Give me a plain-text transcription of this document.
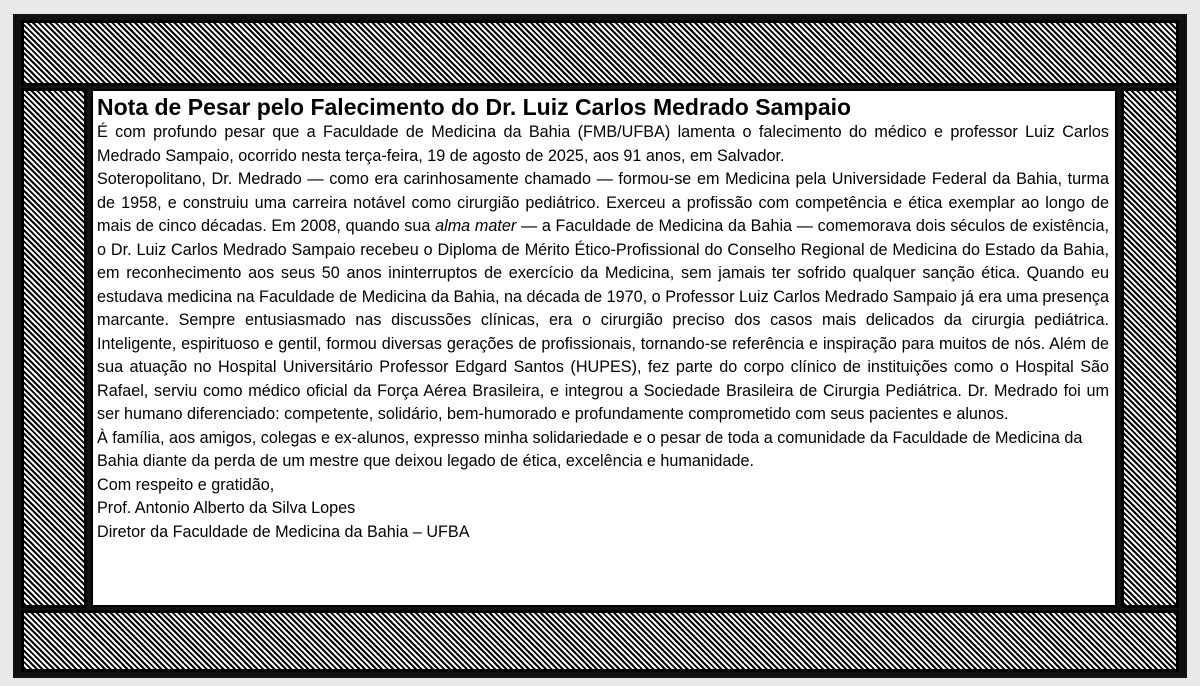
Nota de Pesar pelo Falecimento do Dr. Luiz Carlos Medrado Sampaio

É com profundo pesar que a Faculdade de Medicina da Bahia (FMB/UFBA) lamenta o falecimento do médico e professor Luiz Carlos Medrado Sampaio, ocorrido nesta terça-feira, 19 de agosto de 2025, aos 91 anos, em Salvador.

Soteropolitano, Dr. Medrado — como era carinhosamente chamado — formou-se em Medicina pela Universidade Federal da Bahia, turma de 1958, e construiu uma carreira notável como cirurgião pediátrico. Exerceu a profissão com competência e ética exemplar ao longo de mais de cinco décadas. Em 2008, quando sua alma mater — a Faculdade de Medicina da Bahia — comemorava dois séculos de existência, o Dr. Luiz Carlos Medrado Sampaio recebeu o Diploma de Mérito Ético-Profissional do Conselho Regional de Medicina do Estado da Bahia, em reconhecimento aos seus 50 anos ininterruptos de exercício da Medicina, sem jamais ter sofrido qualquer sanção ética. Quando eu estudava medicina na Faculdade de Medicina da Bahia, na década de 1970, o Professor Luiz Carlos Medrado Sampaio já era uma presença marcante. Sempre entusiasmado nas discussões clínicas, era o cirurgião preciso dos casos mais delicados da cirurgia pediátrica. Inteligente, espirituoso e gentil, formou diversas gerações de profissionais, tornando-se referência e inspiração para muitos de nós. Além de sua atuação no Hospital Universitário Professor Edgard Santos (HUPES), fez parte do corpo clínico de instituições como o Hospital São Rafael, serviu como médico oficial da Força Aérea Brasileira, e integrou a Sociedade Brasileira de Cirurgia Pediátrica. Dr. Medrado foi um ser humano diferenciado: competente, solidário, bem-humorado e profundamente comprometido com seus pacientes e alunos.

À família, aos amigos, colegas e ex-alunos, expresso minha solidariedade e o pesar de toda a comunidade da Faculdade de Medicina da Bahia diante da perda de um mestre que deixou legado de ética, excelência e humanidade.

Com respeito e gratidão,

Prof. Antonio Alberto da Silva Lopes

Diretor da Faculdade de Medicina da Bahia – UFBA
